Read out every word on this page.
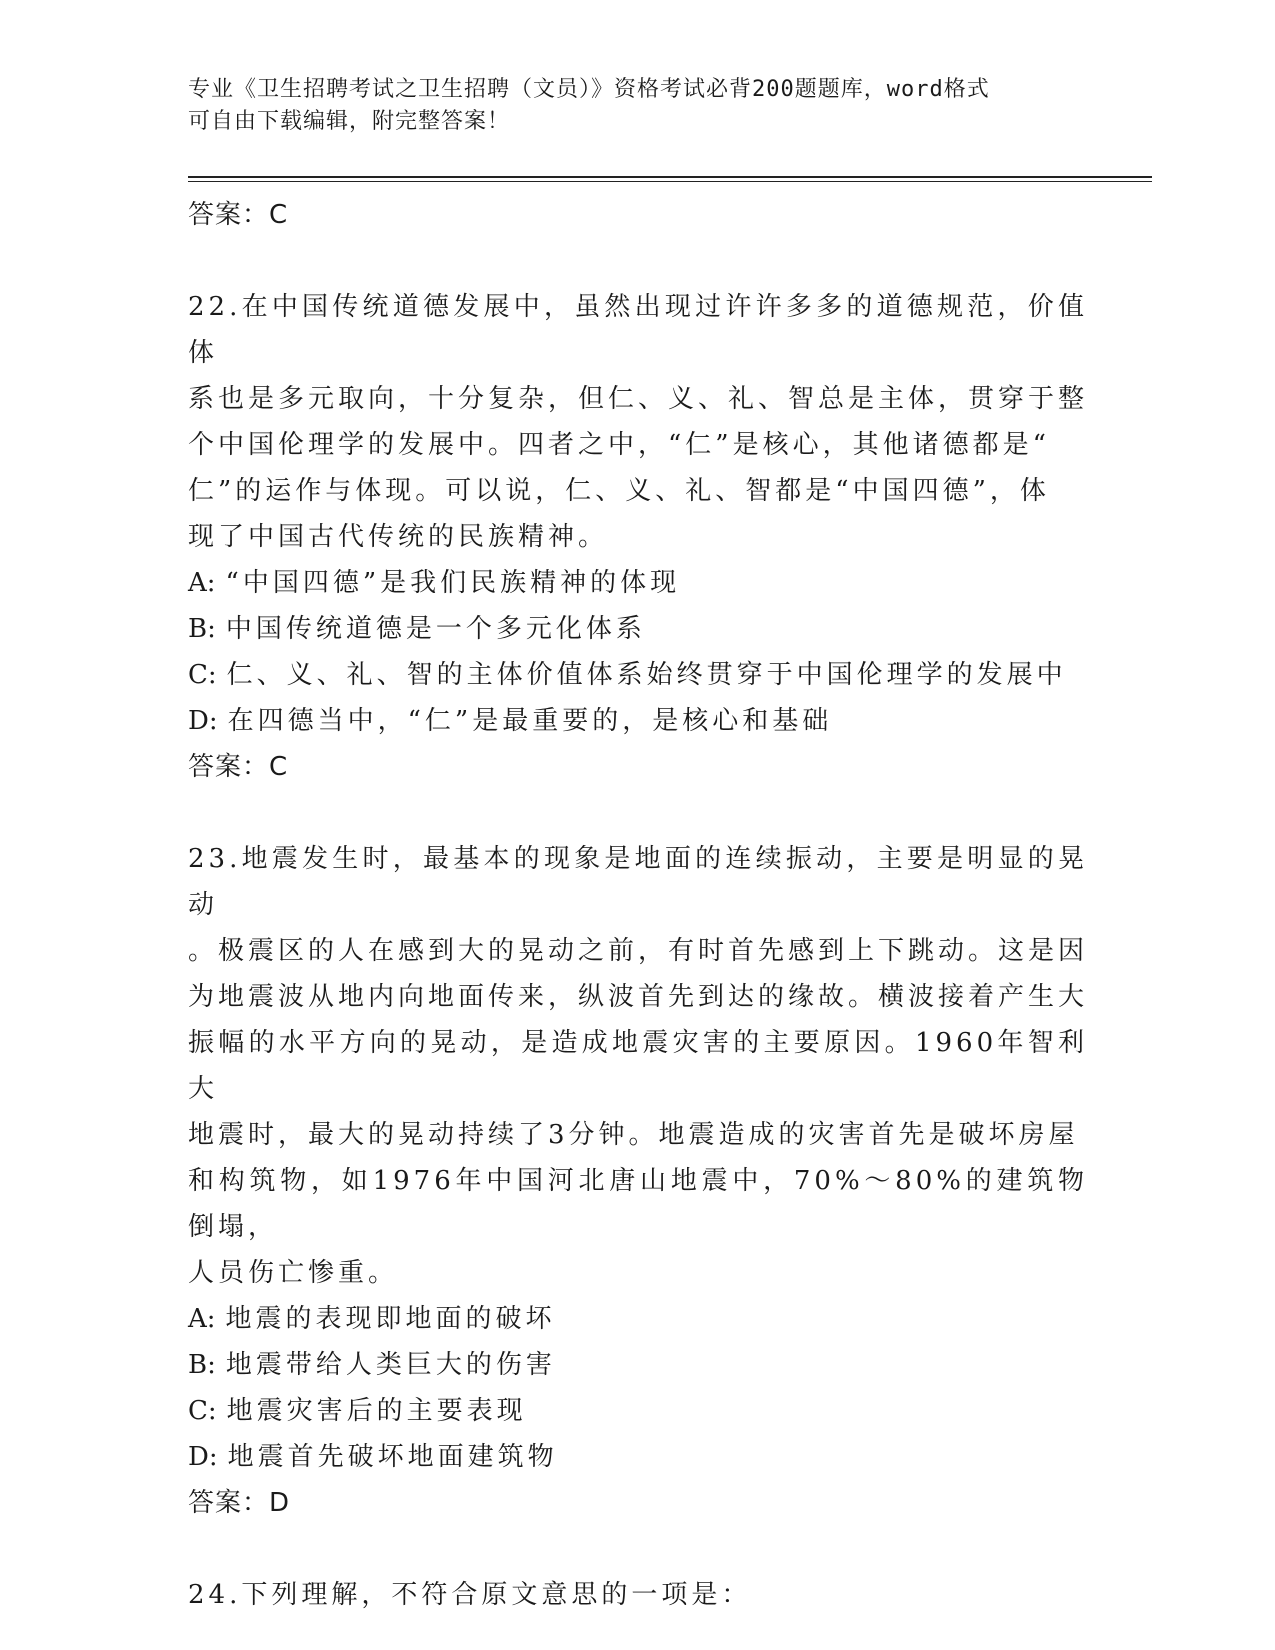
专业《卫生招聘考试之卫生招聘（文员）》资格考试必背200题题库，word格式
可自由下载编辑，附完整答案！
答案：C
22.在中国传统道德发展中，虽然出现过许许多多的道德规范，价值体
系也是多元取向，十分复杂，但仁、义、礼、智总是主体，贯穿于整
个中国伦理学的发展中。四者之中，“仁”是核心，其他诸德都是“
仁”的运作与体现。可以说，仁、义、礼、智都是“中国四德”，体
现了中国古代传统的民族精神。
A: “中国四德”是我们民族精神的体现
B: 中国传统道德是一个多元化体系
C: 仁、义、礼、智的主体价值体系始终贯穿于中国伦理学的发展中
D: 在四德当中，“仁”是最重要的，是核心和基础
答案：C
23.地震发生时，最基本的现象是地面的连续振动，主要是明显的晃动
。极震区的人在感到大的晃动之前，有时首先感到上下跳动。这是因
为地震波从地内向地面传来，纵波首先到达的缘故。横波接着产生大
振幅的水平方向的晃动，是造成地震灾害的主要原因。1960年智利大
地震时，最大的晃动持续了3分钟。地震造成的灾害首先是破坏房屋
和构筑物，如1976年中国河北唐山地震中，70%～80%的建筑物倒塌，
人员伤亡惨重。
A: 地震的表现即地面的破坏
B: 地震带给人类巨大的伤害
C: 地震灾害后的主要表现
D: 地震首先破坏地面建筑物
答案：D
24.下列理解，不符合原文意思的一项是：
